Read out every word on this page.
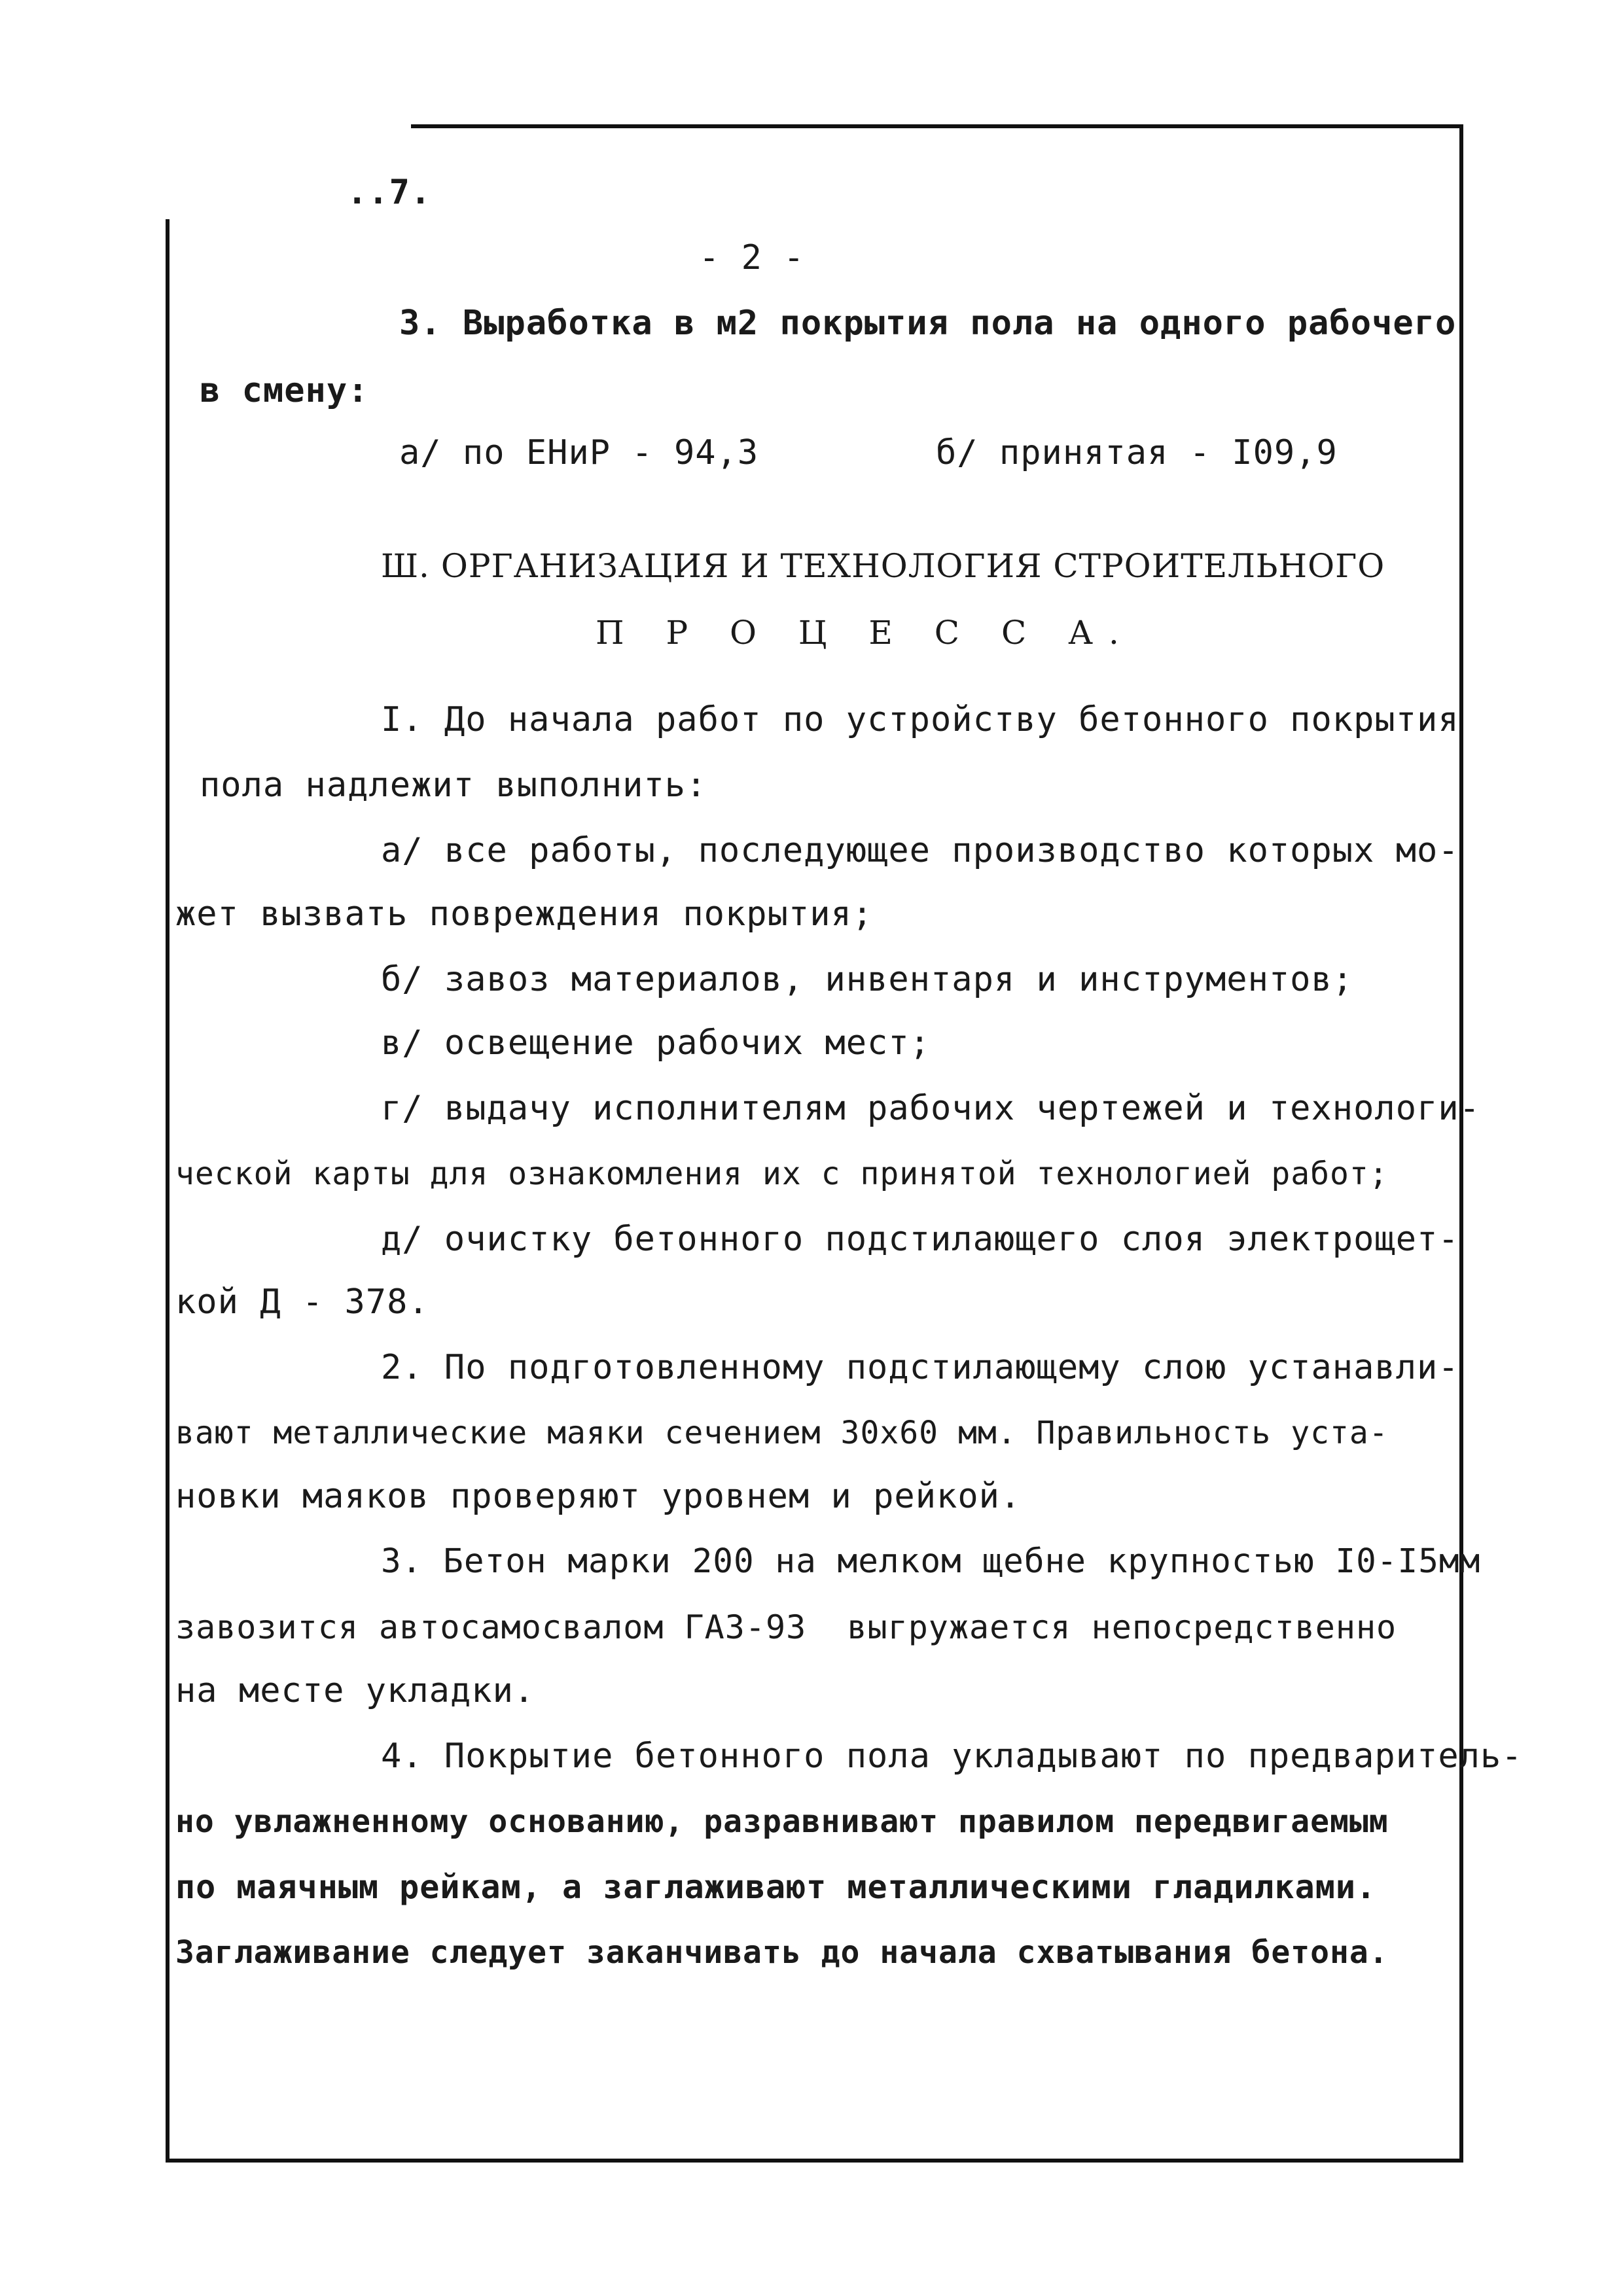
..7.
- 2 -
3. Выработка в м2 покрытия пола на одного рабочего
в смену:
а/ по ЕНиР - 94,3	б/ принятая - I09,9
Ш. ОРГАНИЗАЦИЯ И ТЕХНОЛОГИЯ СТРОИТЕЛЬНОГО
П Р О Ц Е С С А.
I. До начала работ по устройству бетонного покрытия
пола надлежит выполнить:
а/ все работы, последующее производство которых мо-
жет вызвать повреждения покрытия;
б/ завоз материалов, инвентаря и инструментов;
в/ освещение рабочих мест;
г/ выдачу исполнителям рабочих чертежей и технологи-
ческой карты для ознакомления их с принятой технологией работ;
д/ очистку бетонного подстилающего слоя электрощет-
кой Д - 378.
2. По подготовленному подстилающему слою устанавли-
вают металлические маяки сечением 30х60 мм. Правильность уста-
новки маяков проверяют уровнем и рейкой.
3. Бетон марки 200 на мелком щебне крупностью I0-I5мм
завозится автосамосвалом ГАЗ-93  выгружается непосредственно
на месте укладки.
4. Покрытие бетонного пола укладывают по предваритель-
но увлажненному основанию, разравнивают правилом передвигаемым
по маячным рейкам, а заглаживают металлическими гладилками.
Заглаживание следует заканчивать до начала схватывания бетона.
